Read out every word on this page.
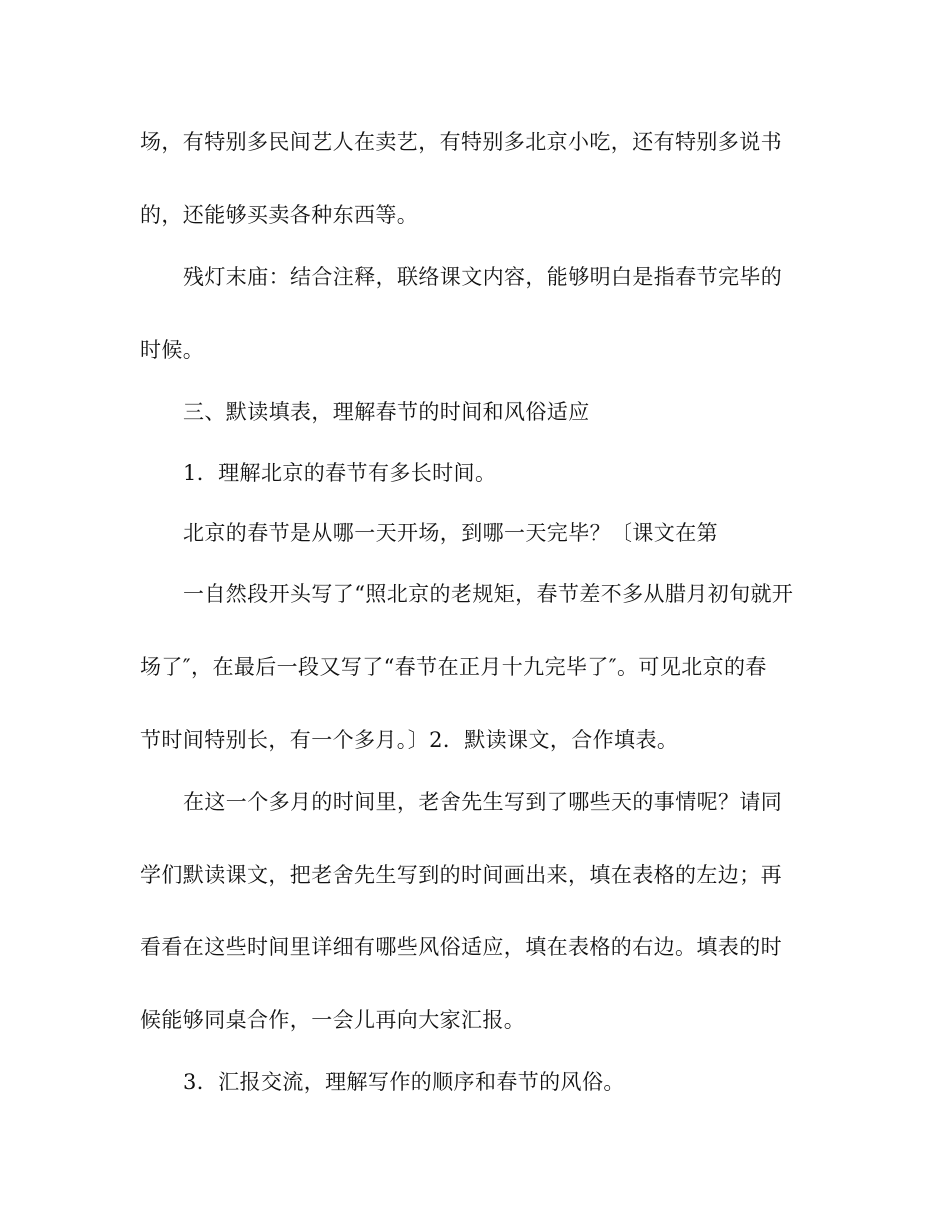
场，有特别多民间艺人在卖艺，有特别多北京小吃，还有特别多说书
的，还能够买卖各种东西等。
残灯末庙：结合注释，联络课文内容，能够明白是指春节完毕的
时候。
三、默读填表，理解春节的时间和风俗适应
1．理解北京的春节有多长时间。
北京的春节是从哪一天开场，到哪一天完毕？〔课文在第
一自然段开头写了“照北京的老规矩，春节差不多从腊月初旬就开
场了″，在最后一段又写了“春节在正月十九完毕了″。可见北京的春
节时间特别长，有一个多月。〕2．默读课文，合作填表。
在这一个多月的时间里，老舍先生写到了哪些天的事情呢？请同
学们默读课文，把老舍先生写到的时间画出来，填在表格的左边；再
看看在这些时间里详细有哪些风俗适应，填在表格的右边。填表的时
候能够同桌合作，一会儿再向大家汇报。
3．汇报交流，理解写作的顺序和春节的风俗。
